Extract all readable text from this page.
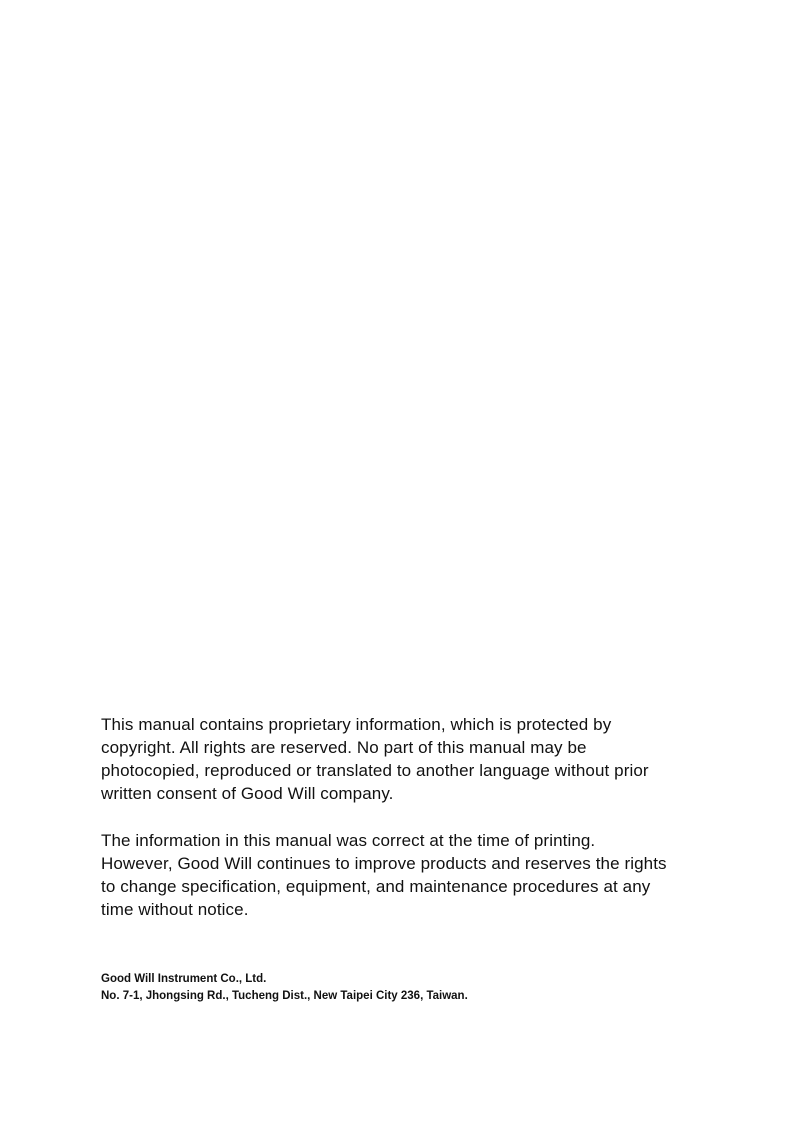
This manual contains proprietary information, which is protected by
copyright. All rights are reserved. No part of this manual may be
photocopied, reproduced or translated to another language without prior
written consent of Good Will company.

The information in this manual was correct at the time of printing.
However, Good Will continues to improve products and reserves the rights
to change specification, equipment, and maintenance procedures at any
time without notice.

Good Will Instrument Co., Ltd.
No. 7-1, Jhongsing Rd., Tucheng Dist., New Taipei City 236, Taiwan.
